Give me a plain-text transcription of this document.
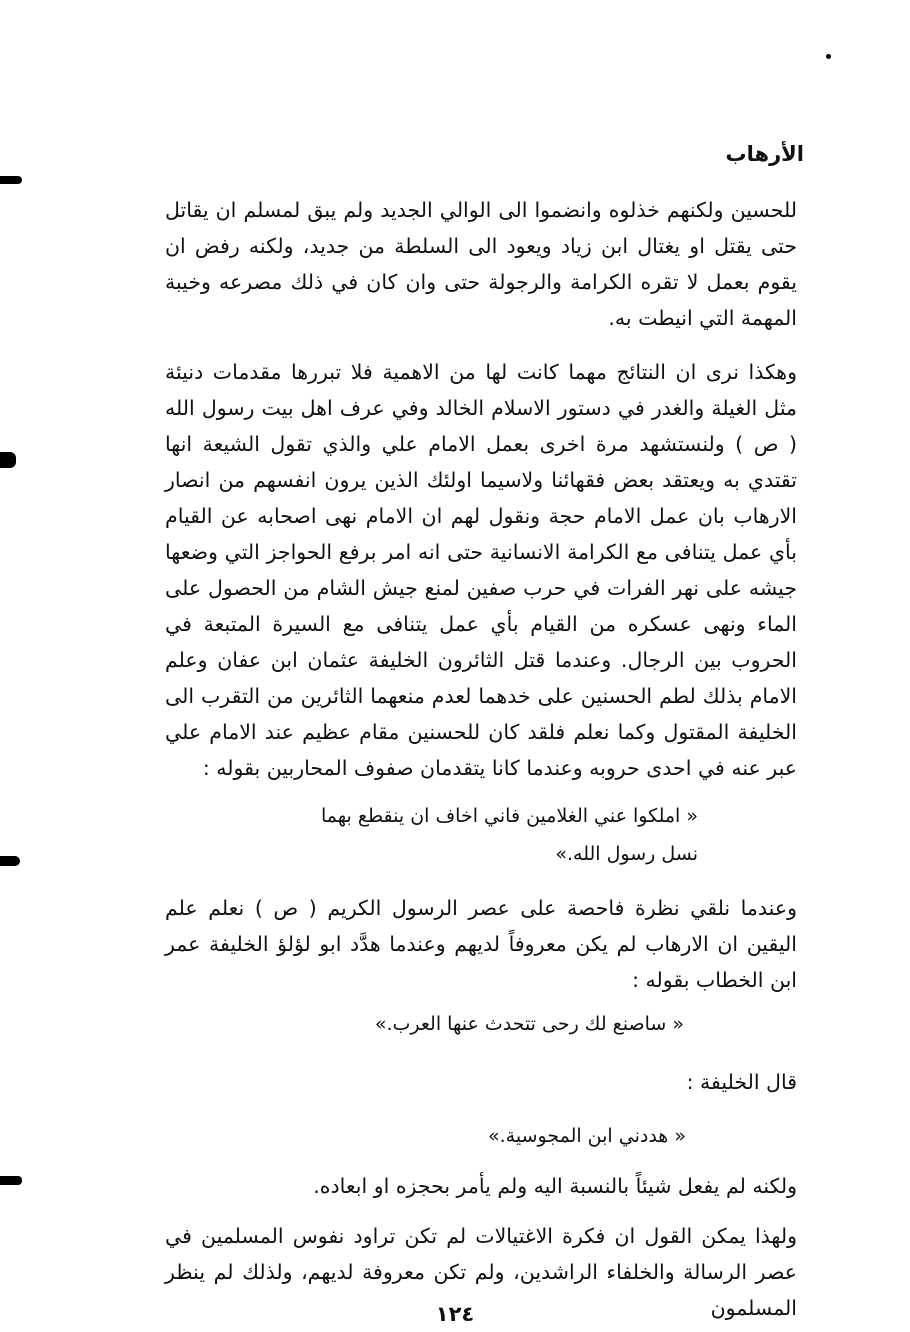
الأرهاب

للحسين ولكنهم خذلوه وانضموا الى الوالي الجديد ولم يبق لمسلم ان يقاتل حتى يقتل او يغتال ابن زياد ويعود الى السلطة من جديد، ولكنه رفض ان يقوم بعمل لا تقره الكرامة والرجولة حتى وان كان في ذلك مصرعه وخيبة المهمة التي انيطت به.

وهكذا نرى ان النتائج مهما كانت لها من الاهمية فلا تبررها مقدمات دنيئة مثل الغيلة والغدر في دستور الاسلام الخالد وفي عرف اهل بيت رسول الله ( ص ) ولنستشهد مرة اخرى بعمل الامام علي والذي تقول الشيعة انها تقتدي به ويعتقد بعض فقهائنا ولاسيما اولئك الذين يرون انفسهم من انصار الارهاب بان عمل الامام حجة ونقول لهم ان الامام نهى اصحابه عن القيام بأي عمل يتنافى مع الكرامة الانسانية حتى انه امر برفع الحواجز التي وضعها جيشه على نهر الفرات في حرب صفين لمنع جيش الشام من الحصول على الماء ونهى عسكره من القيام بأي عمل يتنافى مع السيرة المتبعة في الحروب بين الرجال. وعندما قتل الثائرون الخليفة عثمان ابن عفان وعلم الامام بذلك لطم الحسنين على خدهما لعدم منعهما الثائرين من التقرب الى الخليفة المقتول وكما نعلم فلقد كان للحسنين مقام عظيم عند الامام علي عبر عنه في احدى حروبه وعندما كانا يتقدمان صفوف المحاربين بقوله :

« املكوا عني الغلامين فاني اخاف ان ينقطع بهما
نسل رسول الله.»

وعندما نلقي نظرة فاحصة على عصر الرسول الكريم ( ص ) نعلم علم اليقين ان الارهاب لم يكن معروفاً لديهم وعندما هدَّد ابو لؤلؤ الخليفة عمر ابن الخطاب بقوله :

« ساصنع لك رحى تتحدث عنها العرب.»

قال الخليفة :

« هددني ابن المجوسية.»

ولكنه لم يفعل شيئاً بالنسبة اليه ولم يأمر بحجزه او ابعاده.

ولهذا يمكن القول ان فكرة الاغتيالات لم تكن تراود نفوس المسلمين في عصر الرسالة والخلفاء الراشدين، ولم تكن معروفة لديهم، ولذلك لم ينظر المسلمون

١٢٤
